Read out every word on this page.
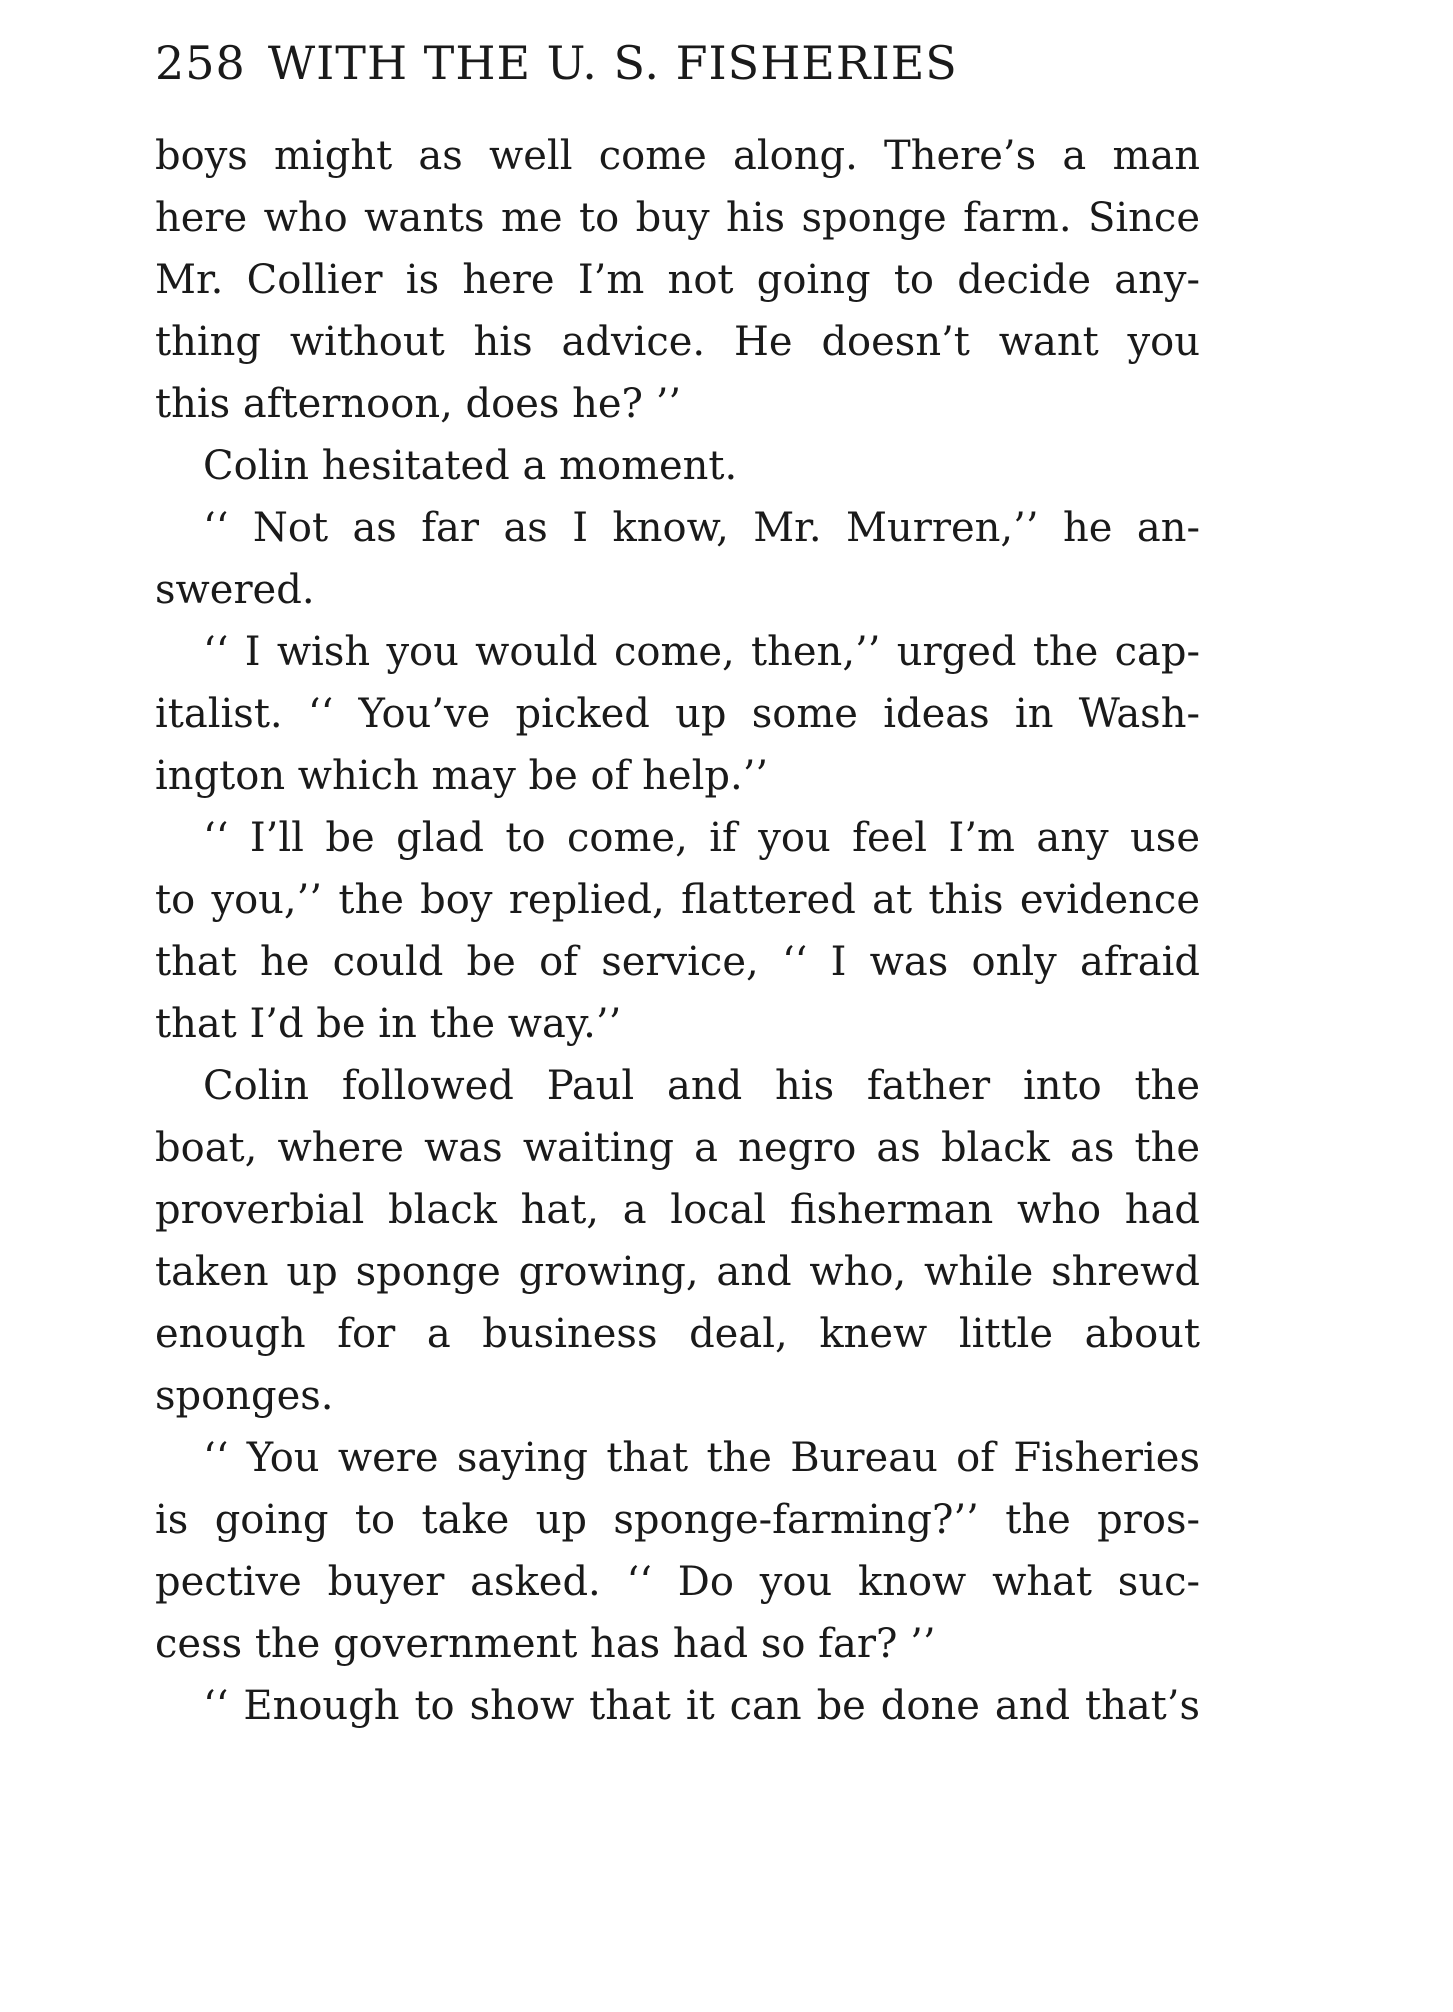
258 WITH THE U. S. FISHERIES
boys might as well come along. There’s a man
here who wants me to buy his sponge farm. Since
Mr. Collier is here I’m not going to decide any-
thing without his advice. He doesn’t want you
this afternoon, does he? ’’
Colin hesitated a moment.
‘‘ Not as far as I know, Mr. Murren,’’ he an-
swered.
‘‘ I wish you would come, then,’’ urged the cap-
italist. ‘‘ You’ve picked up some ideas in Wash-
ington which may be of help.’’
‘‘ I’ll be glad to come, if you feel I’m any use
to you,’’ the boy replied, flattered at this evidence
that he could be of service, ‘‘ I was only afraid
that I’d be in the way.’’
Colin followed Paul and his father into the
boat, where was waiting a negro as black as the
proverbial black hat, a local fisherman who had
taken up sponge growing, and who, while shrewd
enough for a business deal, knew little about
sponges.
‘‘ You were saying that the Bureau of Fisheries
is going to take up sponge-farming?’’ the pros-
pective buyer asked. ‘‘ Do you know what suc-
cess the government has had so far? ’’
‘‘ Enough to show that it can be done and that’s
